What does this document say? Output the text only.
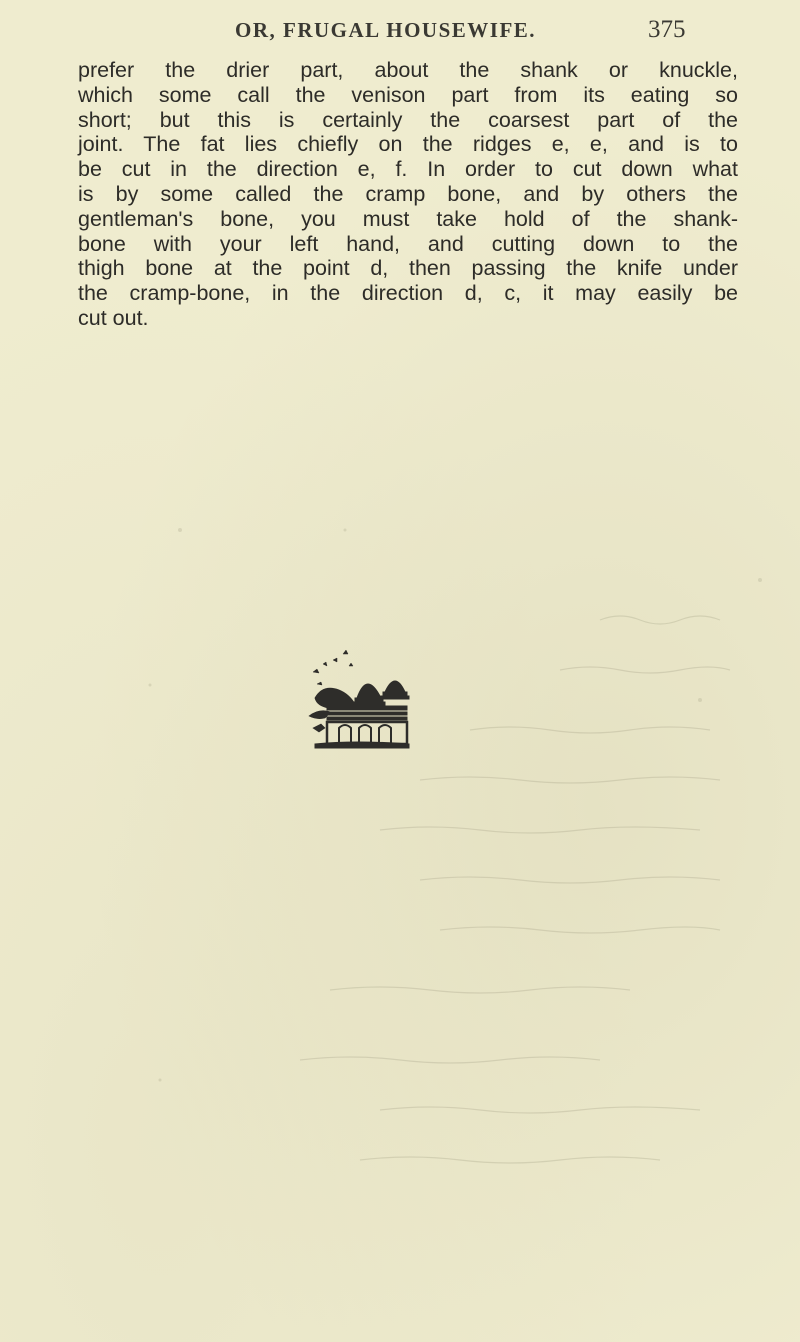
OR, FRUGAL HOUSEWIFE.	375
prefer the drier part, about the shank or knuckle,
which some call the venison part from its eating so
short; but this is certainly the coarsest part of the
joint. The fat lies chiefly on the ridges e, e, and is to
be cut in the direction e, f. In order to cut down what
is by some called the cramp bone, and by others the
gentleman's bone, you must take hold of the shank-
bone with your left hand, and cutting down to the
thigh bone at the point d, then passing the knife under
the cramp-bone, in the direction d, c, it may easily be
cut out.
